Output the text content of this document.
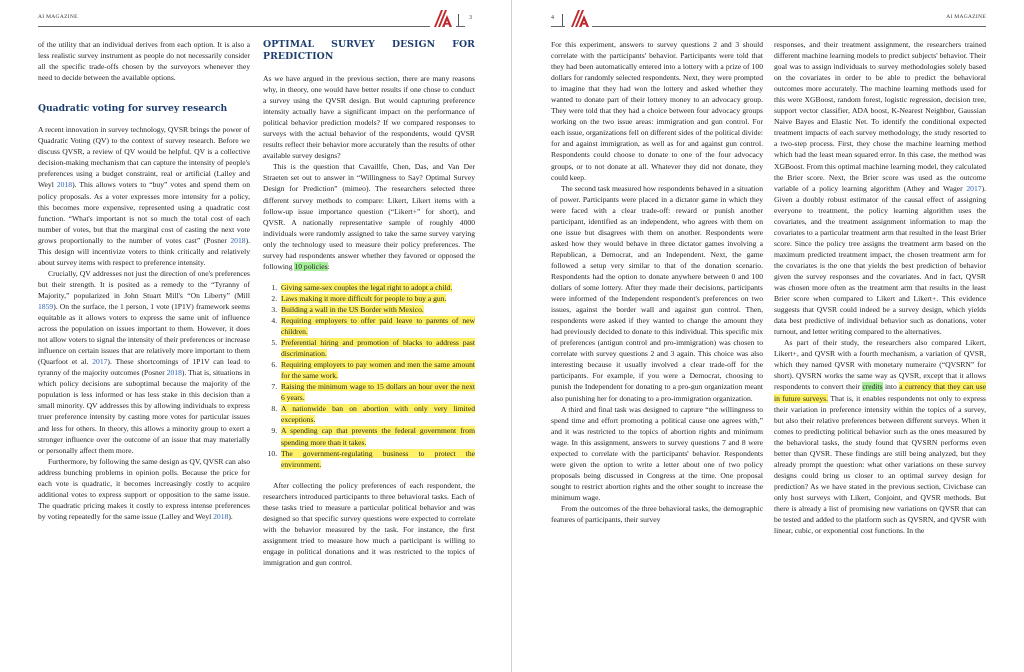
AI MAGAZINE	3

of the utility that an individual derives from each option. It is also a less realistic survey instrument as people do not necessarily consider all the specific trade-offs chosen by the surveyors whenever they need to decide between the available options.

Quadratic voting for survey research

A recent innovation in survey technology, QVSR brings the power of Quadratic Voting (QV) to the context of survey research. Before we discuss QVSR, a review of QV would be helpful. QV is a collective decision-making mechanism that can capture the intensity of people's preferences using a budget constraint, real or artificial (Lalley and Weyl 2018). This allows voters to “buy” votes and spend them on policy proposals. As a voter expresses more intensity for a policy, this becomes more expensive, represented using a quadratic cost function. “What's important is not so much the total cost of each number of votes, but that the marginal cost of casting the next vote grows proportionally to the number of votes cast” (Posner 2018). This design will incentivize voters to think critically and relatively about survey items with respect to preference intensity.

Crucially, QV addresses not just the direction of one's preferences but their strength. It is posited as a remedy to the “Tyranny of Majority,” popularized in John Stuart Mill's “On Liberty” (Mill 1859). On the surface, the 1 person, 1 vote (1P1V) framework seems equitable as it allows voters to express the same unit of influence across the population on issues important to them. However, it does not allow voters to signal the intensity of their preferences or increase influence on certain issues that are relatively more important to them (Quarfoot et al. 2017). These shortcomings of 1P1V can lead to tyranny of the majority outcomes (Posner 2018). That is, situations in which policy decisions are suboptimal because the majority of the population is less informed or has less stake in this decision than a small minority. QV addresses this by allowing individuals to express truer preference intensity by casting more votes for particular issues and less for others. In theory, this allows a minority group to exert a stronger influence over the outcome of an issue that may materially or personally affect them more.

Furthermore, by following the same design as QV, QVSR can also address bunching problems in opinion polls. Because the price for each vote is quadratic, it becomes increasingly costly to acquire additional votes to express support or opposition to the same issue. The quadratic pricing makes it costly to express intense preferences by voting repeatedly for the same issue (Lalley and Weyl 2018).

OPTIMAL SURVEY DESIGN FOR PREDICTION

As we have argued in the previous section, there are many reasons why, in theory, one would have better results if one chose to conduct a survey using the QVSR design. But would capturing preference intensity actually have a significant impact on the performance of political behavior prediction models? If we compared responses to surveys with the actual behavior of the respondents, would QVSR results reflect their behavior more accurately than the results of other available survey designs?

This is the question that Cavaillfe, Chen, Das, and Van Der Straeten set out to answer in “Willingness to Say? Optimal Survey Design for Prediction” (mimeo). The researchers selected three different survey methods to compare: Likert, Likert items with a follow-up issue importance question (“Likert+” for short), and QVSR. A nationally representative sample of roughly 4000 individuals were randomly assigned to take the same survey varying only the technology used to measure their policy preferences. The survey had respondents answer whether they favored or opposed the following 10 policies:

1. Giving same-sex couples the legal right to adopt a child.
2. Laws making it more difficult for people to buy a gun.
3. Building a wall in the US Border with Mexico.
4. Requiring employers to offer paid leave to parents of new children.
5. Preferential hiring and promotion of blacks to address past discrimination.
6. Requiring employers to pay women and men the same amount for the same work.
7. Raising the minimum wage to 15 dollars an hour over the next 6 years.
8. A nationwide ban on abortion with only very limited exceptions.
9. A spending cap that prevents the federal government from spending more than it takes.
10. The government-regulating business to protect the environment.

After collecting the policy preferences of each respondent, the researchers introduced participants to three behavioral tasks. Each of these tasks tried to measure a particular political behavior and was designed so that specific survey questions were expected to correlate with the behavior measured by the task. For instance, the first assignment tried to measure how much a participant is willing to engage in political donations and it was restricted to the topics of immigration and gun control.

4	AI MAGAZINE

For this experiment, answers to survey questions 2 and 3 should correlate with the participants' behavior. Participants were told that they had been automatically entered into a lottery with a prize of 100 dollars for randomly selected respondents. Next, they were prompted to imagine that they had won the lottery and asked whether they wanted to donate part of their lottery money to an advocacy group. They were told that they had a choice between four advocacy groups working on the two issue areas: immigration and gun control. For each issue, organizations fell on different sides of the political divide: for and against immigration, as well as for and against gun control. Respondents could choose to donate to one of the four advocacy groups, or to not donate at all. Whatever they did not donate, they could keep.

The second task measured how respondents behaved in a situation of power. Participants were placed in a dictator game in which they were faced with a clear trade-off: reward or punish another participant, identified as an independent, who agrees with them on one issue but disagrees with them on another. Respondents were asked how they would behave in three dictator games involving a Republican, a Democrat, and an Independent. Next, the game followed a setup very similar to that of the donation scenario. Respondents had the option to donate anywhere between 0 and 100 dollars of some lottery. After they made their decisions, participants were informed of the Independent respondent's preferences on two issues, against the border wall and against gun control. Then, respondents were asked if they wanted to change the amount they had previously decided to donate to this individual. This specific mix of preferences (antigun control and pro-immigration) was chosen to correlate with survey questions 2 and 3 again. This choice was also interesting because it usually involved a clear trade-off for the participants. For example, if you were a Democrat, choosing to punish the Independent for donating to a pro-gun organization meant also punishing her for donating to a pro-immigration organization.

A third and final task was designed to capture “the willingness to spend time and effort promoting a political cause one agrees with,” and it was restricted to the topics of abortion rights and minimum wage. In this assignment, answers to survey questions 7 and 8 were expected to correlate with the participants' behavior. Respondents were given the option to write a letter about one of two policy proposals being discussed in Congress at the time. One proposal sought to restrict abortion rights and the other sought to increase the minimum wage.

From the outcomes of the three behavioral tasks, the demographic features of participants, their survey

responses, and their treatment assignment, the researchers trained different machine learning models to predict subjects' behavior. Their goal was to assign individuals to survey methodologies solely based on the covariates in order to be able to predict the behavioral outcomes more accurately. The machine learning methods used for this were XGBoost, random forest, logistic regression, decision tree, support vector classifier, ADA boost, K-Nearest Neighbor, Gaussian Naive Bayes and Elastic Net. To identify the conditional expected treatment impacts of each survey methodology, the study resorted to a two-step process. First, they chose the machine learning method which had the least mean squared error. In this case, the method was XGBoost. From this optimal machine learning model, they calculated the Brier score. Next, the Brier score was used as the outcome variable of a policy learning algorithm (Athey and Wager 2017). Given a doubly robust estimator of the causal effect of assigning everyone to treatment, the policy learning algorithm uses the covariates, and the treatment assignment information to map the covariates to a particular treatment arm that resulted in the least Brier score. Since the policy tree assigns the treatment arm based on the maximum predicted treatment impact, the chosen treatment arm for the covariates is the one that yields the best prediction of behavior given the survey responses and the covariates. And in fact, QVSR was chosen more often as the treatment arm that results in the least Brier score when compared to Likert and Likert+. This evidence suggests that QVSR could indeed be a survey design, which yields data best predictive of individual behavior such as donations, voter turnout, and letter writing compared to the alternatives.

As part of their study, the researchers also compared Likert, Likert+, and QVSR with a fourth mechanism, a variation of QVSR, which they named QVSR with monetary numeraire (“QVSRN” for short). QVSRN works the same way as QVSR, except that it allows respondents to convert their credits into a currency that they can use in future surveys. That is, it enables respondents not only to express their variation in preference intensity within the topics of a survey, but also their relative preferences between different surveys. When it comes to predicting political behavior such as the ones measured by the behavioral tasks, the study found that QVSRN performs even better than QVSR. These findings are still being analyzed, but they already prompt the question: what other variations on these survey designs could bring us closer to an optimal survey design for prediction? As we have stated in the previous section, Civicbase can only host surveys with Likert, Conjoint, and QVSR methods. But there is already a list of promising new variations on QVSR that can be tested and added to the platform such as QVSRN, and QVSR with linear, cubic, or exponential cost functions. In the
